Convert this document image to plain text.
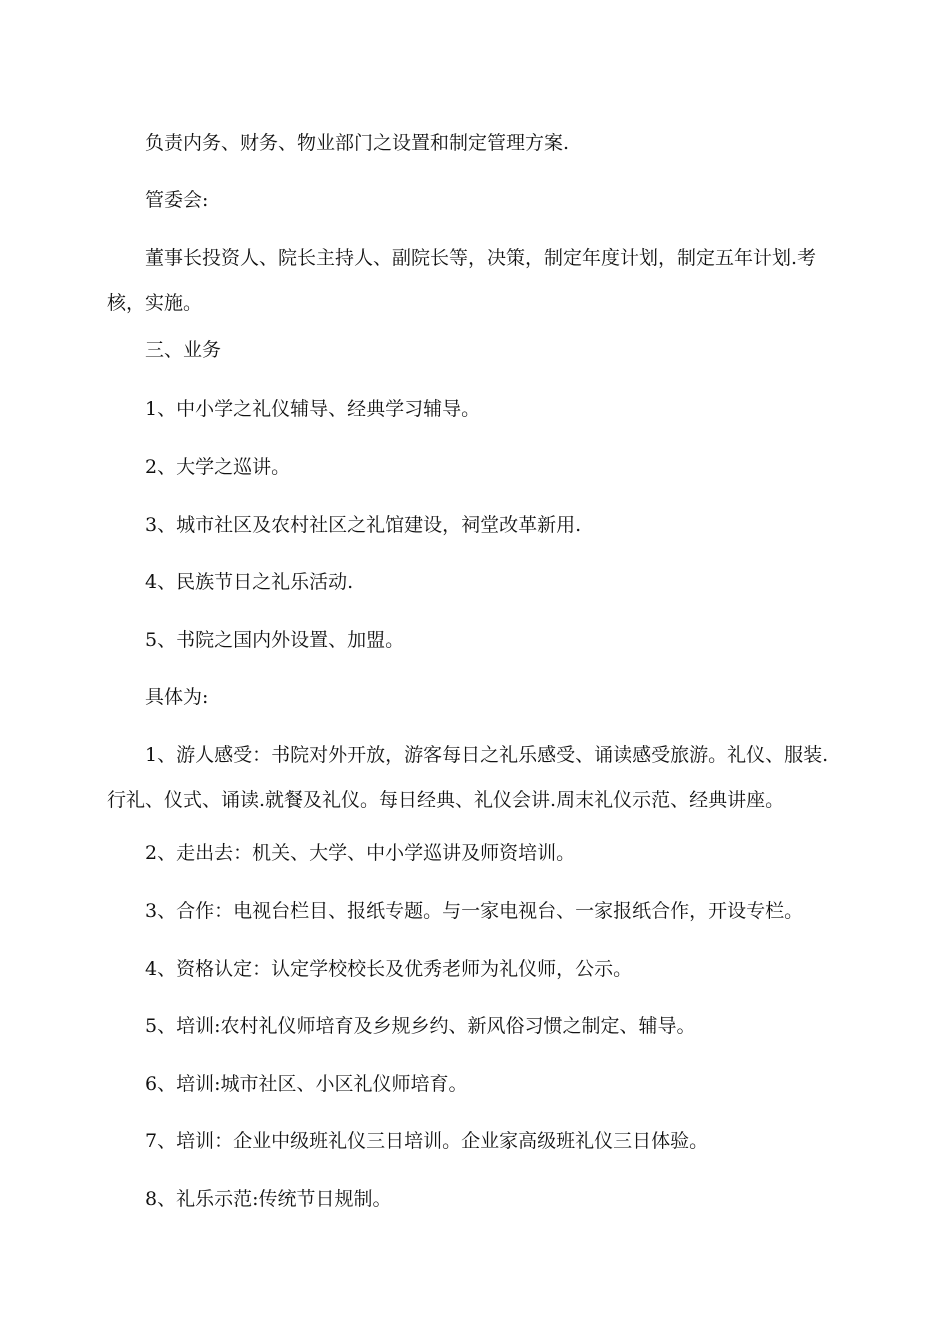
负责内务、财务、物业部门之设置和制定管理方案.

管委会:

董事长投资人、院长主持人、副院长等，决策，制定年度计划，制定五年计划.考核，实施。

三、业务

1、中小学之礼仪辅导、经典学习辅导。

2、大学之巡讲。

3、城市社区及农村社区之礼馆建设，祠堂改革新用.

4、民族节日之礼乐活动.

5、书院之国内外设置、加盟。

具体为:

1、游人感受：书院对外开放，游客每日之礼乐感受、诵读感受旅游。礼仪、服装.行礼、仪式、诵读.就餐及礼仪。每日经典、礼仪会讲.周末礼仪示范、经典讲座。

2、走出去：机关、大学、中小学巡讲及师资培训。

3、合作：电视台栏目、报纸专题。与一家电视台、一家报纸合作，开设专栏。

4、资格认定：认定学校校长及优秀老师为礼仪师，公示。

5、培训:农村礼仪师培育及乡规乡约、新风俗习惯之制定、辅导。

6、培训:城市社区、小区礼仪师培育。

7、培训：企业中级班礼仪三日培训。企业家高级班礼仪三日体验。

8、礼乐示范:传统节日规制。
